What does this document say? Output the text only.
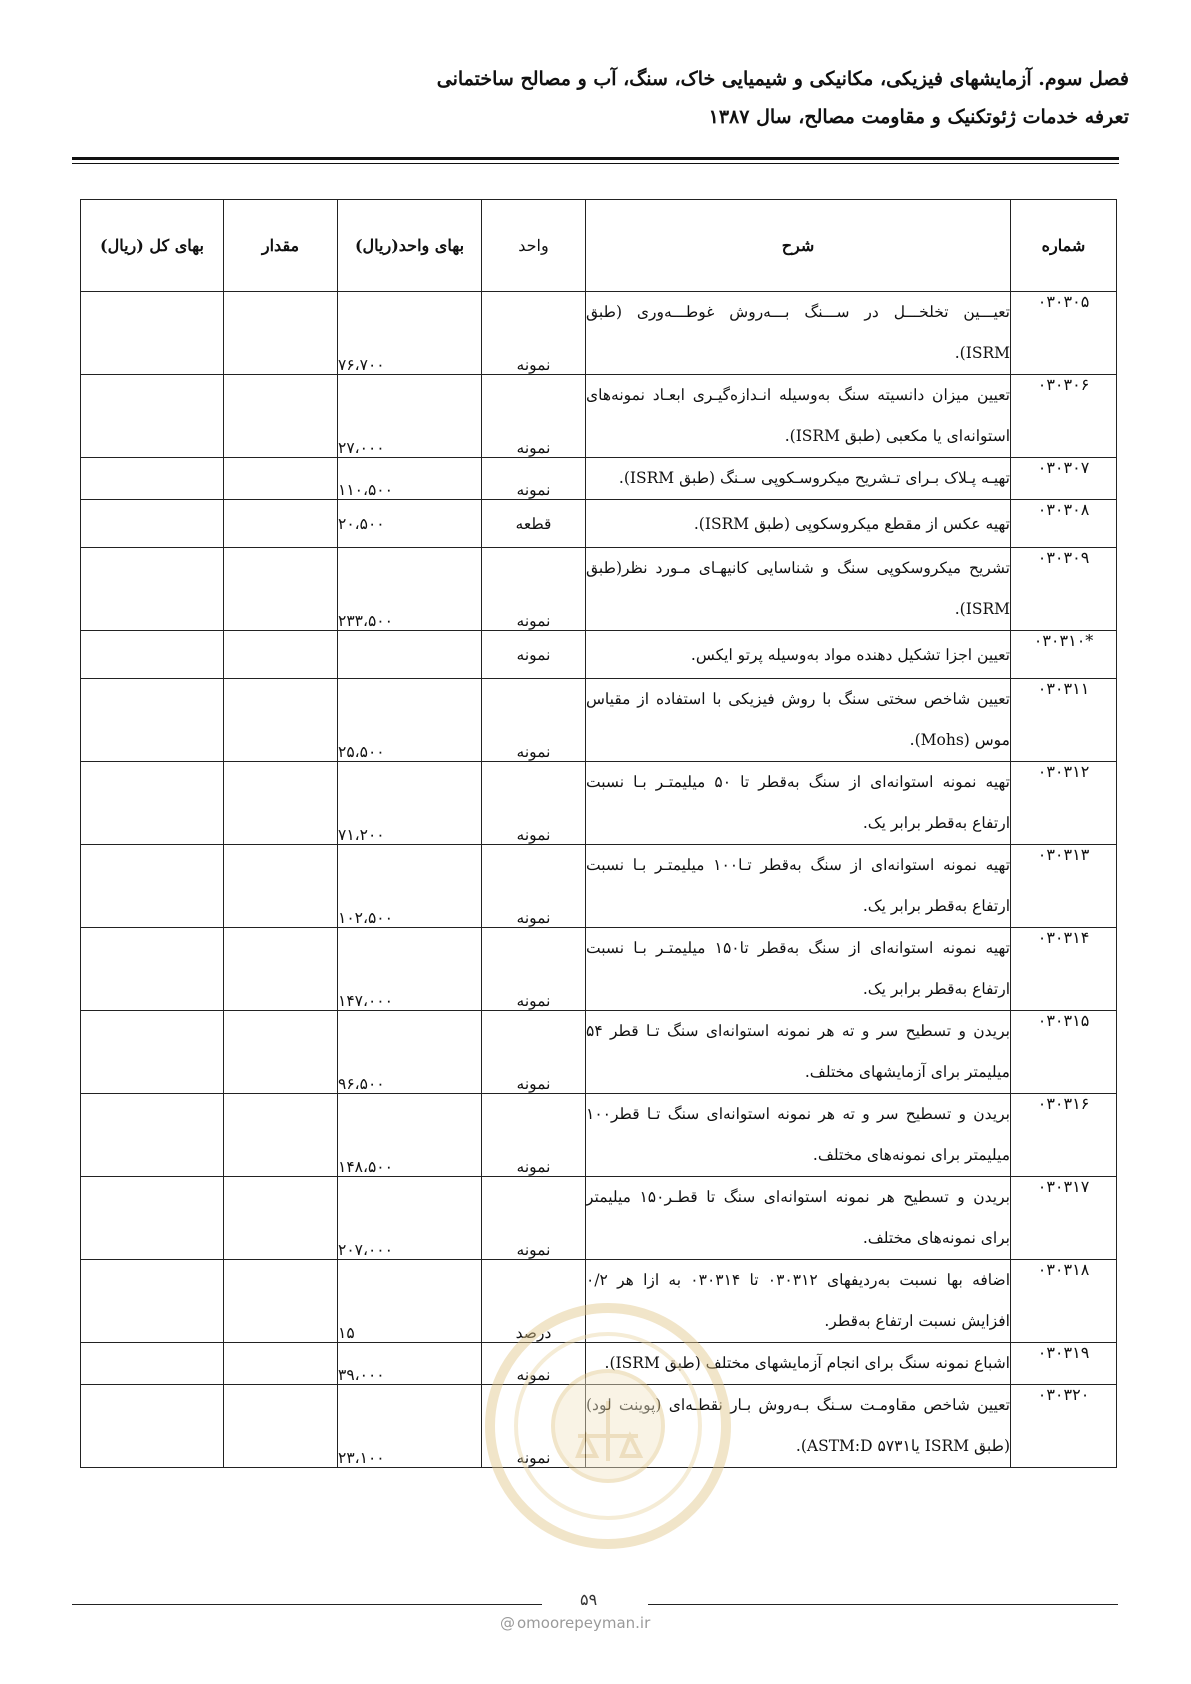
فصل سوم. آزمایشهای فیزیکی، مکانیکی و شیمیایی خاک، سنگ، آب و مصالح ساختمانی
تعرفه خدمات ژئوتکنیک و مقاومت مصالح، سال ۱۳۸۷
شماره	شرح	واحد	بهای واحد(ریال)	مقدار	بهای کل (ریال)
۰۳۰۳۰۵	تعیـــین تخلخـــل در ســـنگ بـــه‌روش غوطـــه‌وری (طبق ISRM).	نمونه	۷۶،۷۰۰		
۰۳۰۳۰۶	تعیین میزان دانسیته سنگ به‌وسیله انـدازه‌گیـری ابعـاد نمونه‌های استوانه‌ای یا مکعبی (طبق ISRM).	نمونه	۲۷،۰۰۰		
۰۳۰۳۰۷	تهیـه پـلاک بـرای تـشریح میکروسـکوپی سـنگ (طبق ISRM).	نمونه	۱۱۰،۵۰۰		
۰۳۰۳۰۸	تهیه عکس از مقطع میکروسکوپی (طبق ISRM).	قطعه	۲۰،۵۰۰		
۰۳۰۳۰۹	تشریح میکروسکوپی سنگ و شناسایی کانیهـای مـورد نظر(طبق ISRM).	نمونه	۲۳۳،۵۰۰		
*۰۳۰۳۱۰	تعیین اجزا تشکیل دهنده مواد به‌وسیله پرتو ایکس.	نمونه			
۰۳۰۳۱۱	تعیین شاخص سختی سنگ با روش فیزیکی با استفاده از مقیاس موس (Mohs).	نمونه	۲۵،۵۰۰		
۰۳۰۳۱۲	تهیه نمونه استوانه‌ای از سنگ به‌قطر تا ۵۰ میلیمتـر بـا نسبت ارتفاع به‌قطر برابر یک.	نمونه	۷۱،۲۰۰		
۰۳۰۳۱۳	تهیه نمونه استوانه‌ای از سنگ به‌قطر تـا۱۰۰ میلیمتـر بـا نسبت ارتفاع به‌قطر برابر یک.	نمونه	۱۰۲،۵۰۰		
۰۳۰۳۱۴	تهیه نمونه استوانه‌ای از سنگ به‌قطر تا۱۵۰ میلیمتـر بـا نسبت ارتفاع به‌قطر برابر یک.	نمونه	۱۴۷،۰۰۰		
۰۳۰۳۱۵	بریدن و تسطیح سر و ته هر نمونه استوانه‌ای سنگ تـا قطر ۵۴ میلیمتر برای آزمایشهای مختلف.	نمونه	۹۶،۵۰۰		
۰۳۰۳۱۶	بریدن و تسطیح سر و ته هر نمونه استوانه‌ای سنگ تـا قطر۱۰۰ میلیمتر برای نمونه‌های مختلف.	نمونه	۱۴۸،۵۰۰		
۰۳۰۳۱۷	بریدن و تسطیح هر نمونه استوانه‌ای سنگ تا قطـر۱۵۰ میلیمتر برای نمونه‌های مختلف.	نمونه	۲۰۷،۰۰۰		
۰۳۰۳۱۸	اضافه بها نسبت به‌ردیفهای ۰۳۰۳۱۲ تا ۰۳۰۳۱۴ به ازا هر ۰/۲ افزایش نسبت ارتفاع به‌قطر.	درصد	۱۵		
۰۳۰۳۱۹	اشباع نمونه سنگ برای انجام آزمایشهای مختلف (طبق ISRM).	نمونه	۳۹،۰۰۰		
۰۳۰۳۲۰	تعیین شاخص مقاومـت سـنگ بـه‌روش بـار نقطـه‌ای (پوینت لود) (طبق ISRM یا۵۷۳۱ ASTM:D).	نمونه	۲۳،۱۰۰		
۵۹
@ omoorepeyman.ir
